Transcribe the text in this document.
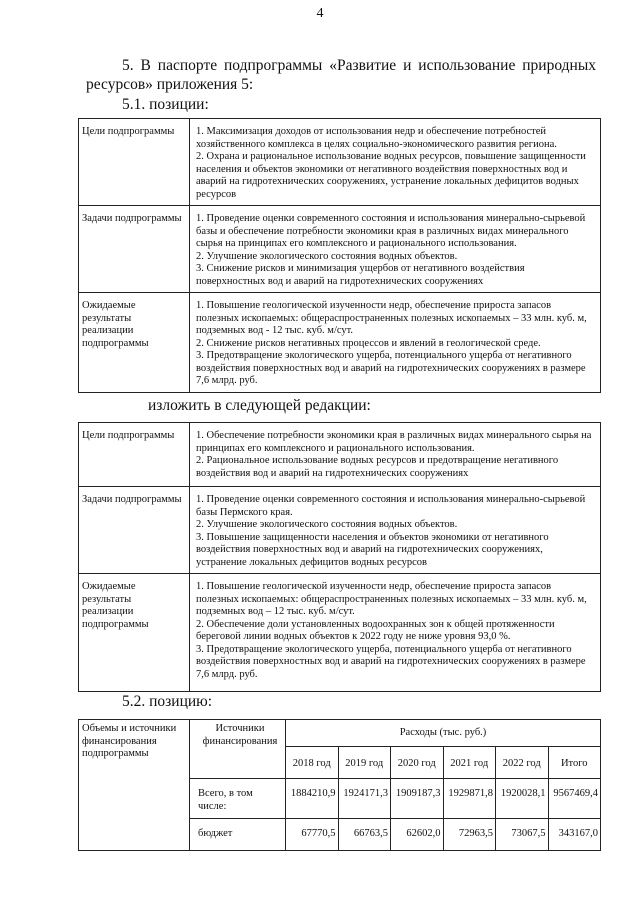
4
5. В паспорте подпрограммы «Развитие и использование природных ресурсов» приложения 5:
5.1. позиции:
Цели подпрограммы	1. Максимизация доходов от использования недр и обеспечение потребностей хозяйственного комплекса в целях социально-экономического развития региона.

2. Охрана и рациональное использование водных ресурсов, повышение защищенности населения и объектов экономики от негативного воздействия поверхностных вод и аварий на гидротехнических сооружениях, устранение локальных дефицитов водных ресурсов

Задачи подпрограммы	1. Проведение оценки современного состояния и использования минерально-сырьевой базы и обеспечение потребности экономики края в различных видах минерального сырья на принципах его комплексного и рационального использования.

2. Улучшение экологического состояния водных объектов.

3. Снижение рисков и минимизация ущербов от негативного воздействия поверхностных вод и аварий на гидротехнических сооружениях

Ожидаемые результаты реализации подпрограммы	1. Повышение геологической изученности недр, обеспечение прироста запасов полезных ископаемых: общераспространенных полезных ископаемых – 33 млн. куб. м, подземных вод - 12 тыс. куб. м/сут.

2. Снижение рисков негативных процессов и явлений в геологической среде.

3. Предотвращение экологического ущерба, потенциального ущерба от негативного воздействия поверхностных вод и аварий на гидротехнических сооружениях в размере 7,6 млрд. руб.

изложить в следующей редакции:
Цели подпрограммы	1. Обеспечение потребности экономики края в различных видах минерального сырья на принципах его комплексного и рационального использования.

2. Рациональное использование водных ресурсов и предотвращение негативного воздействия вод и аварий на гидротехнических сооружениях

Задачи подпрограммы	1. Проведение оценки современного состояния и использования минерально-сырьевой базы Пермского края.

2. Улучшение экологического состояния водных объектов.

3. Повышение защищенности населения и объектов экономики от негативного воздействия поверхностных вод и аварий на гидротехнических сооружениях, устранение локальных дефицитов водных ресурсов

Ожидаемые результаты реализации подпрограммы	1. Повышение геологической изученности недр, обеспечение прироста запасов полезных ископаемых: общераспространенных полезных ископаемых – 33 млн. куб. м, подземных вод – 12 тыс. куб. м/сут.

2. Обеспечение доли установленных водоохранных зон к общей протяженности береговой линии водных объектов к 2022 году не ниже уровня 93,0 %.

3. Предотвращение экологического ущерба, потенциального ущерба от негативного воздействия поверхностных вод и аварий на гидротехнических сооружениях в размере 7,6 млрд. руб.

5.2. позицию:
Объемы и источники финансирования подпрограммы	Источники финансирования	Расходы (тыс. руб.)					
		2018 год	2019 год	2020 год	2021 год	2022 год	Итого
	Всего, в том числе:	1884210,9	1924171,3	1909187,3	1929871,8	1920028,1	9567469,4
	бюджет	67770,5	66763,5	62602,0	72963,5	73067,5	343167,0
